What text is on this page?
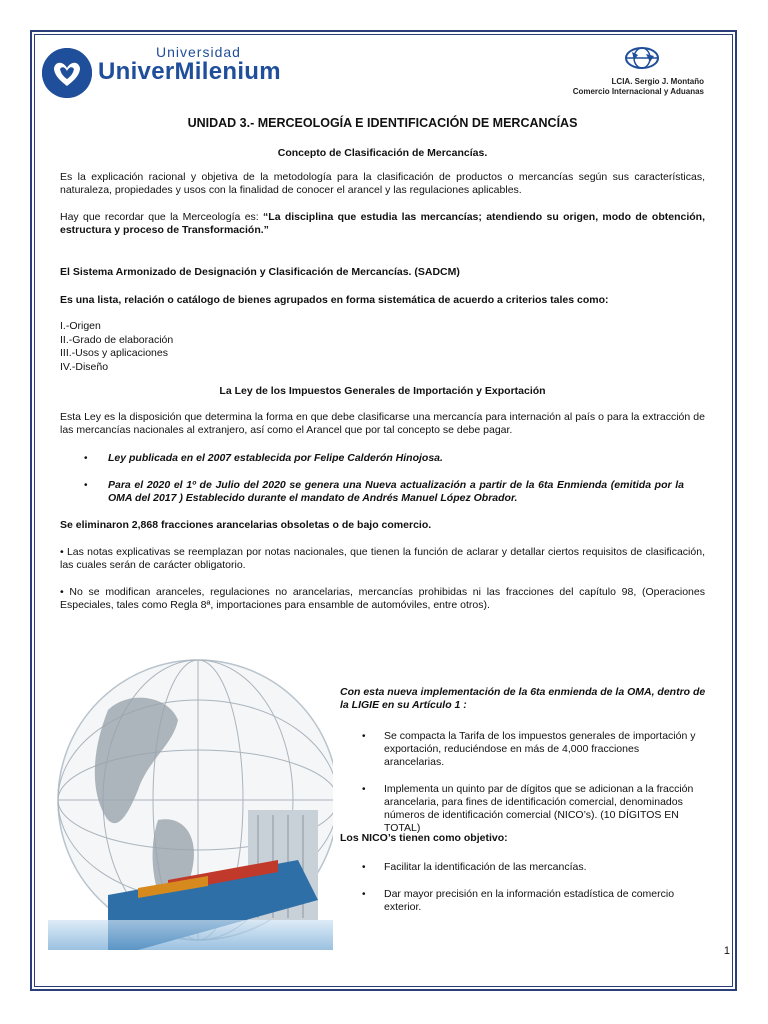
Universidad
UniverMilenium	LCIA. Sergio J. Montaño
Comercio Internacional y Aduanas
UNIDAD 3.- MERCEOLOGÍA E IDENTIFICACIÓN DE MERCANCÍAS
Concepto de Clasificación de Mercancías.
Es la explicación racional y objetiva de la metodología para la clasificación de productos o mercancías según sus características, naturaleza, propiedades y usos con la finalidad de conocer el arancel y las regulaciones aplicables.
Hay que recordar que la Merceología es: “La disciplina que estudia las mercancías; atendiendo su origen, modo de obtención, estructura y proceso de Transformación.”
El Sistema Armonizado de Designación y Clasificación de Mercancías. (SADCM)
Es una lista, relación o catálogo de bienes agrupados en forma sistemática de acuerdo a criterios tales como:
I.-Origen
II.-Grado de elaboración
III.-Usos y aplicaciones
IV.-Diseño
La Ley de los Impuestos Generales de Importación y Exportación
Esta Ley es la disposición que determina la forma en que debe clasificarse una mercancía para internación al país o para la extracción de las mercancías nacionales al extranjero, así como el Arancel que por tal concepto se debe pagar.
• Ley publicada en el 2007 establecida por Felipe Calderón Hinojosa.
• Para el 2020 el 1º de Julio del 2020 se genera una Nueva actualización a partir de la 6ta Enmienda (emitida por la OMA del 2017 ) Establecido durante el mandato de Andrés Manuel López Obrador.
Se eliminaron 2,868 fracciones arancelarias obsoletas o de bajo comercio.
• Las notas explicativas se reemplazan por notas nacionales, que tienen la función de aclarar y detallar ciertos requisitos de clasificación, las cuales serán de carácter obligatorio.
• No se modifican aranceles, regulaciones no arancelarias, mercancías prohibidas ni las fracciones del capítulo 98, (Operaciones Especiales, tales como Regla 8ª, importaciones para ensamble de automóviles, entre otros).
Con esta nueva implementación de la 6ta enmienda de la OMA, dentro de la LIGIE en su Artículo 1 :
• Se compacta la Tarifa de los impuestos generales de importación y exportación, reduciéndose en más de 4,000 fracciones arancelarias.
• Implementa un quinto par de dígitos que se adicionan a la fracción arancelaria, para fines de identificación comercial, denominados números de identificación comercial (NICO’s). (10 DÍGITOS EN TOTAL)
Los NICO’s tienen como objetivo:
• Facilitar la identificación de las mercancías.
• Dar mayor precisión en la información estadística de comercio exterior.
1
